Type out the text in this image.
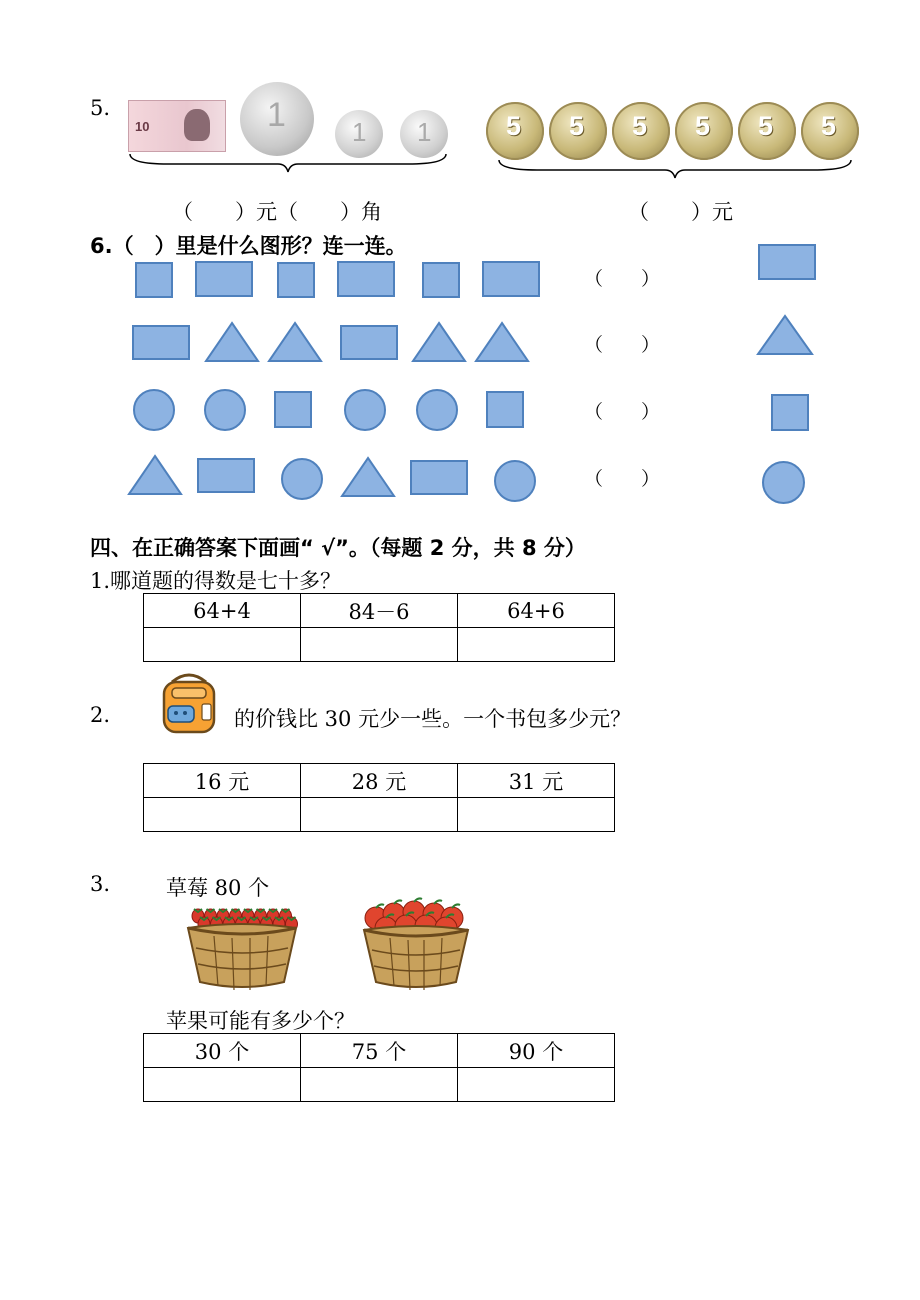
5.
10	1	1 1	5 5 5 5 5 5
（　　）元（　　）角	（　　）元
6.（　）里是什么图形？连一连。
（　　）
（　　）
（　　）
（　　）
四、在正确答案下面画“ √”。（每题 2 分，共 8 分）
1.哪道题的得数是七十多？
64+4	84－6	64+6

2.	的价钱比 30 元少一些。一个书包多少元？
16 元	28 元	31 元

3.	草莓 80 个
苹果可能有多少个？
30 个	75 个	90 个
